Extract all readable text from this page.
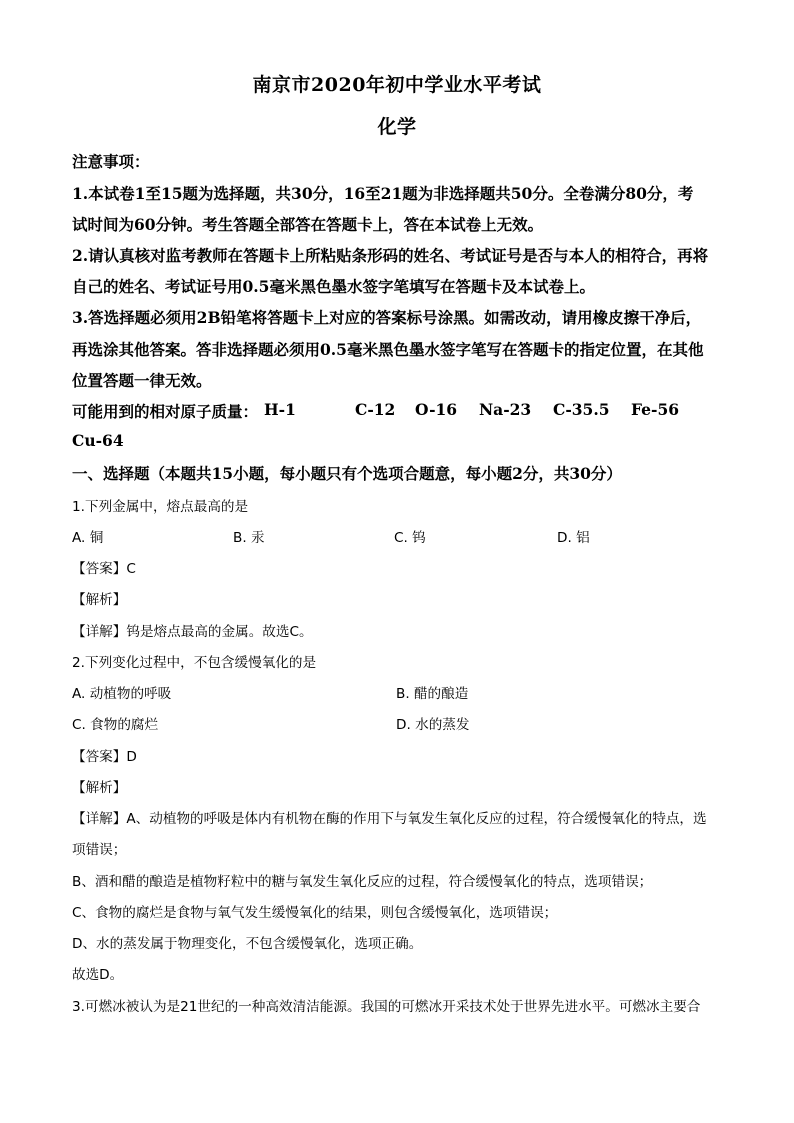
南京市2020年初中学业水平考试
化学
注意事项：
1.本试卷1至15题为选择题，共30分，16至21题为非选择题共50分。全卷满分80分，考
试时间为60分钟。考生答题全部答在答题卡上，答在本试卷上无效。
2.请认真核对监考教师在答题卡上所粘贴条形码的姓名、考试证号是否与本人的相符合，再将
自己的姓名、考试证号用0.5毫米黑色墨水签字笔填写在答题卡及本试卷上。
3.答选择题必须用2B铅笔将答题卡上对应的答案标号涂黑。如需改动，请用橡皮擦干净后，
再选涂其他答案。答非选择题必须用0.5毫米黑色墨水签字笔写在答题卡的指定位置，在其他
位置答题一律无效。
可能用到的相对原子质量： H-1	C-12 O-16 Na-23 C-35.5 Fe-56
Cu-64
一、选择题（本题共15小题，每小题只有个选项合题意，每小题2分，共30分）
1.下列金属中，熔点最高的是
A. 铜	B. 汞	C. 钨	D. 铝
【答案】C
【解析】
【详解】钨是熔点最高的金属。故选C。
2.下列变化过程中，不包含缓慢氧化的是
A. 动植物的呼吸	B. 醋的酿造
C. 食物的腐烂	D. 水的蒸发
【答案】D
【解析】
【详解】A、动植物的呼吸是体内有机物在酶的作用下与氧发生氧化反应的过程，符合缓慢氧化的特点，选
项错误；
B、酒和醋的酿造是植物籽粒中的糖与氧发生氧化反应的过程，符合缓慢氧化的特点，选项错误；
C、食物的腐烂是食物与氧气发生缓慢氧化的结果，则包含缓慢氧化，选项错误；
D、水的蒸发属于物理变化，不包含缓慢氧化，选项正确。
故选D。
3.可燃冰被认为是21世纪的一种高效清洁能源。我国的可燃冰开采技术处于世界先进水平。可燃冰主要合
